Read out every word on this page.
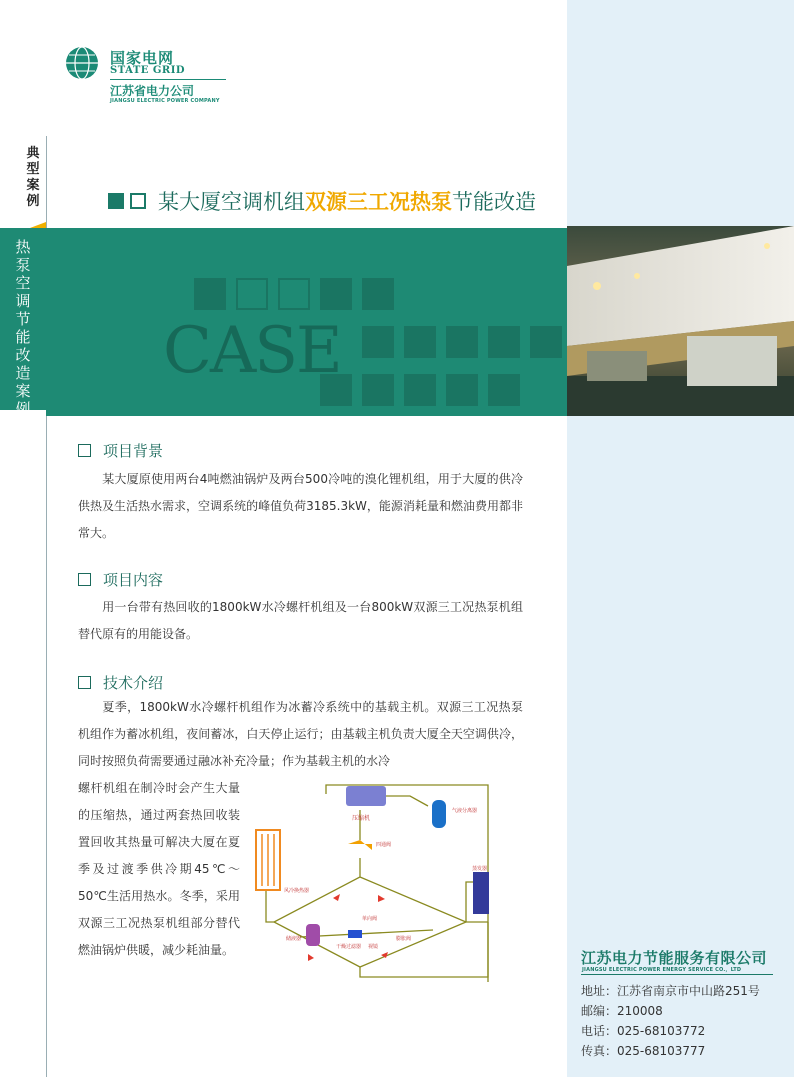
国家电网
STATE GRID
江苏省电力公司
JIANGSU ELECTRIC POWER COMPANY
典型案例
热泵空调节能改造案例
某大厦空调机组双源三工况热泵节能改造
CASE
项目背景
某大厦原使用两台4吨燃油锅炉及两台500冷吨的溴化锂机组，用于大厦的供冷供热及生活热水需求，空调系统的峰值负荷3185.3kW，能源消耗量和燃油费用都非常大。
项目内容
用一台带有热回收的1800kW水冷螺杆机组及一台800kW双源三工况热泵机组替代原有的用能设备。
技术介绍
夏季，1800kW水冷螺杆机组作为冰蓄冷系统中的基载主机。双源三工况热泵机组作为蓄冰机组，夜间蓄冰，白天停止运行；由基载主机负责大厦全天空调供冷，同时按照负荷需要通过融冰补充冷量；作为基载主机的水冷
螺杆机组在制冷时会产生大量的压缩热，通过两套热回收装置回收其热量可解决大厦在夏季及过渡季供冷期45℃～50℃生活用热水。冬季，采用双源三工况热泵机组部分替代燃油锅炉供暖，减少耗油量。
压缩机
气液分离器
四通阀
风冷换热器
单向阀
储液器
干燥过滤器 视镜
膨胀阀
蒸发器
江苏电力节能服务有限公司
JIANGSU ELECTRIC POWER ENERGY SERVICE CO.，LTD
地址：江苏省南京市中山路251号
邮编：210008
电话：025-68103772
传真：025-68103777
